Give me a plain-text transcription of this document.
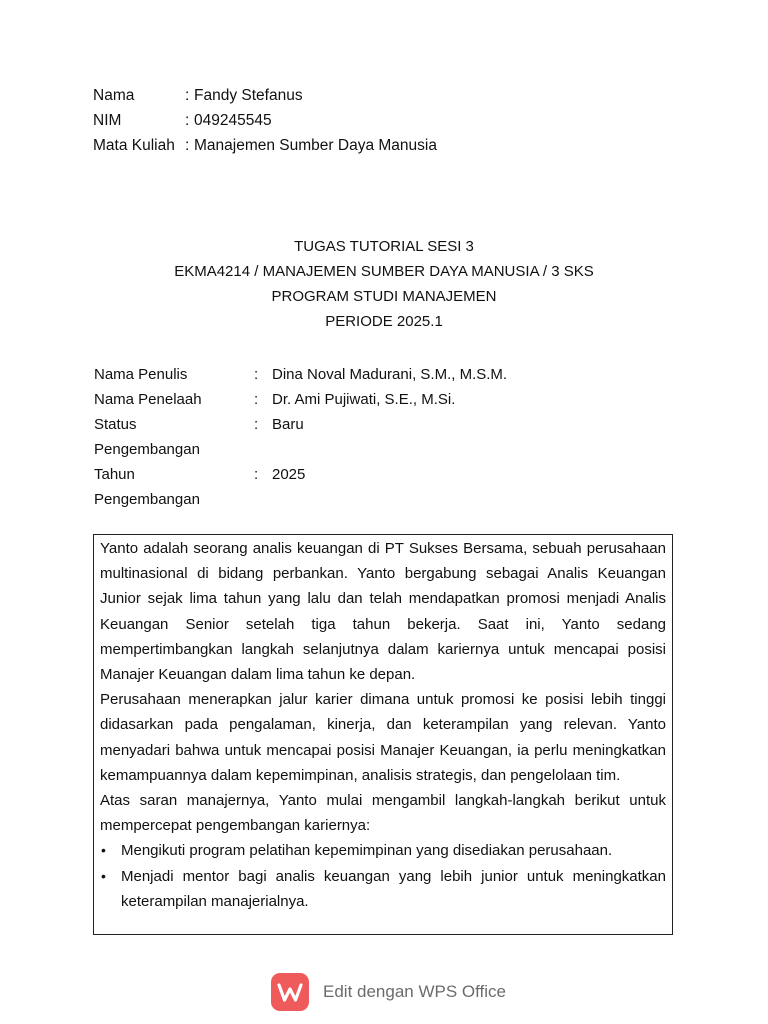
Nama	: Fandy Stefanus
NIM	: 049245545
Mata Kuliah : Manajemen Sumber Daya Manusia
TUGAS TUTORIAL SESI 3
EKMA4214 / MANAJEMEN SUMBER DAYA MANUSIA / 3 SKS
PROGRAM STUDI MANAJEMEN
PERIODE 2025.1
Nama Penulis	: Dina Noval Madurani, S.M., M.S.M.
Nama Penelaah	: Dr. Ami Pujiwati, S.E., M.Si.
Status
Pengembangan
: Baru
Tahun
Pengembangan
: 2025

Yanto adalah seorang analis keuangan di PT Sukses Bersama, sebuah perusahaan multinasional di bidang perbankan. Yanto bergabung sebagai Analis Keuangan Junior sejak lima tahun yang lalu dan telah mendapatkan promosi menjadi Analis Keuangan Senior setelah tiga tahun bekerja. Saat ini, Yanto sedang mempertimbangkan langkah selanjutnya dalam kariernya untuk mencapai posisi Manajer Keuangan dalam lima tahun ke depan.

Perusahaan menerapkan jalur karier dimana untuk promosi ke posisi lebih tinggi didasarkan pada pengalaman, kinerja, dan keterampilan yang relevan. Yanto menyadari bahwa untuk mencapai posisi Manajer Keuangan, ia perlu meningkatkan kemampuannya dalam kepemimpinan, analisis strategis, dan pengelolaan tim.

Atas saran manajernya, Yanto mulai mengambil langkah-langkah berikut untuk mempercepat pengembangan kariernya:

• Mengikuti program pelatihan kepemimpinan yang disediakan perusahaan.
• Menjadi mentor bagi analis keuangan yang lebih junior untuk meningkatkan keterampilan manajerialnya.
Edit dengan WPS Office
